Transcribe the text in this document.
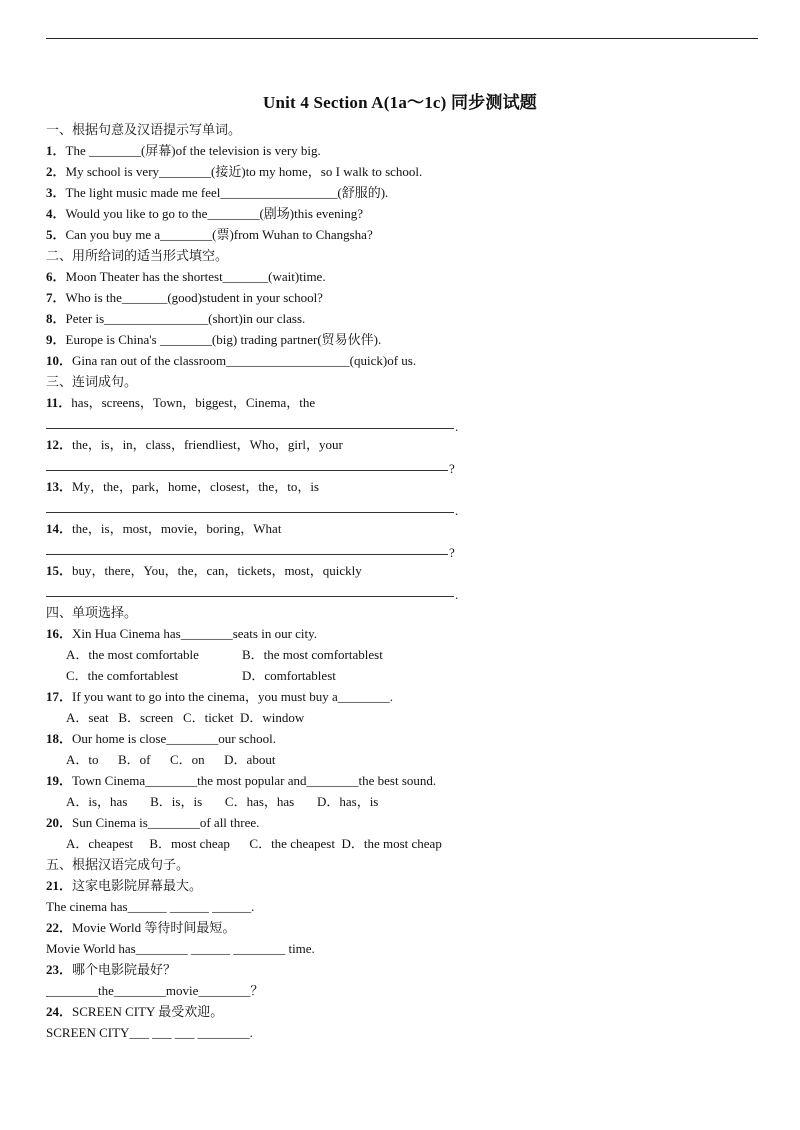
Unit 4 Section A(1a～1c) 同步测试题
一、根据句意及汉语提示写单词。
1．The ________(屏幕)of the television is very big.
2．My school is very________(接近)to my home，so I walk to school.
3．The light music made me feel__________________(舒服的).
4．Would you like to go to the________(剧场)this evening?
5．Can you buy me a________(票)from Wuhan to Changsha?
二、用所给词的适当形式填空。
6．Moon Theater has the shortest_______(wait)time.
7．Who is the_______(good)student in your school?
8．Peter is________________(short)in our class.
9．Europe is China's ________(big) trading partner(贸易伙伴).
10．Gina ran out of the classroom___________________(quick)of us.
三、连词成句。
11．has，screens，Town，biggest，Cinema，the
.
12．the，is，in，class，friendliest，Who，girl，your
?
13．My，the，park，home，closest，the，to，is
.
14．the，is，most，movie，boring，What
?
15．buy，there，You，the，can，tickets，most，quickly
.
四、单项选择。
16．Xin Hua Cinema has________seats in our city.
A．the most comfortable	B．the most comfortablest
C．the comfortablest	D．comfortablest
17．If you want to go into the cinema，you must buy a________.
A．seat   B．screen   C．ticket  D．window
18．Our home is close________our school.
A．to      B．of      C．on      D．about
19．Town Cinema________the most popular and________the best sound.
A．is，has       B．is，is       C．has，has       D．has，is
20．Sun Cinema is________of all three.
A．cheapest     B．most cheap      C．the cheapest  D．the most cheap
五、根据汉语完成句子。
21．这家电影院屏幕最大。
The cinema has______ ______ ______.
22．Movie World 等待时间最短。
Movie World has________ ______ ________ time.
23．哪个电影院最好？
________the________movie________？
24．SCREEN CITY 最受欢迎。
SCREEN CITY___ ___ ___ ________.
